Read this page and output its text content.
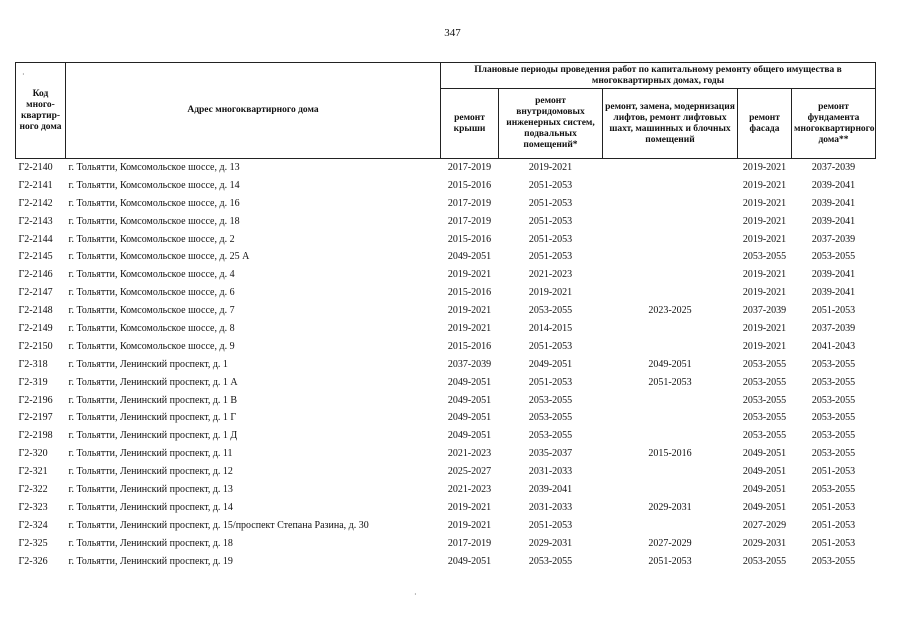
347
·
·
Код много-квартир-ного дома	Адрес многоквартирного дома	Плановые периоды проведения работ по капитальному ремонту общего имущества в многоквартирных домах, годы				
		ремонт крыши	ремонт внутридомовых инженерных систем, подвальных помещений*	ремонт, замена, модернизация лифтов, ремонт лифтовых шахт, машинных и блочных помещений	ремонт фасада	ремонт фундамента многоквартирного дома**
Г2-2140	г. Тольятти, Комсомольское шоссе, д. 13	2017-2019	2019-2021		2019-2021	2037-2039
Г2-2141	г. Тольятти, Комсомольское шоссе, д. 14	2015-2016	2051-2053		2019-2021	2039-2041
Г2-2142	г. Тольятти, Комсомольское шоссе, д. 16	2017-2019	2051-2053		2019-2021	2039-2041
Г2-2143	г. Тольятти, Комсомольское шоссе, д. 18	2017-2019	2051-2053		2019-2021	2039-2041
Г2-2144	г. Тольятти, Комсомольское шоссе, д. 2	2015-2016	2051-2053		2019-2021	2037-2039
Г2-2145	г. Тольятти, Комсомольское шоссе, д. 25 А	2049-2051	2051-2053		2053-2055	2053-2055
Г2-2146	г. Тольятти, Комсомольское шоссе, д. 4	2019-2021	2021-2023		2019-2021	2039-2041
Г2-2147	г. Тольятти, Комсомольское шоссе, д. 6	2015-2016	2019-2021		2019-2021	2039-2041
Г2-2148	г. Тольятти, Комсомольское шоссе, д. 7	2019-2021	2053-2055	2023-2025	2037-2039	2051-2053
Г2-2149	г. Тольятти, Комсомольское шоссе, д. 8	2019-2021	2014-2015		2019-2021	2037-2039
Г2-2150	г. Тольятти, Комсомольское шоссе, д. 9	2015-2016	2051-2053		2019-2021	2041-2043
Г2-318	г. Тольятти, Ленинский проспект, д. 1	2037-2039	2049-2051	2049-2051	2053-2055	2053-2055
Г2-319	г. Тольятти, Ленинский проспект, д. 1 А	2049-2051	2051-2053	2051-2053	2053-2055	2053-2055
Г2-2196	г. Тольятти, Ленинский проспект, д. 1 В	2049-2051	2053-2055		2053-2055	2053-2055
Г2-2197	г. Тольятти, Ленинский проспект, д. 1 Г	2049-2051	2053-2055		2053-2055	2053-2055
Г2-2198	г. Тольятти, Ленинский проспект, д. 1 Д	2049-2051	2053-2055		2053-2055	2053-2055
Г2-320	г. Тольятти, Ленинский проспект, д. 11	2021-2023	2035-2037	2015-2016	2049-2051	2053-2055
Г2-321	г. Тольятти, Ленинский проспект, д. 12	2025-2027	2031-2033		2049-2051	2051-2053
Г2-322	г. Тольятти, Ленинский проспект, д. 13	2021-2023	2039-2041		2049-2051	2053-2055
Г2-323	г. Тольятти, Ленинский проспект, д. 14	2019-2021	2031-2033	2029-2031	2049-2051	2051-2053
Г2-324	г. Тольятти, Ленинский проспект, д. 15/проспект Степана Разина, д. 30	2019-2021	2051-2053		2027-2029	2051-2053
Г2-325	г. Тольятти, Ленинский проспект, д. 18	2017-2019	2029-2031	2027-2029	2029-2031	2051-2053
Г2-326	г. Тольятти, Ленинский проспект, д. 19	2049-2051	2053-2055	2051-2053	2053-2055	2053-2055
